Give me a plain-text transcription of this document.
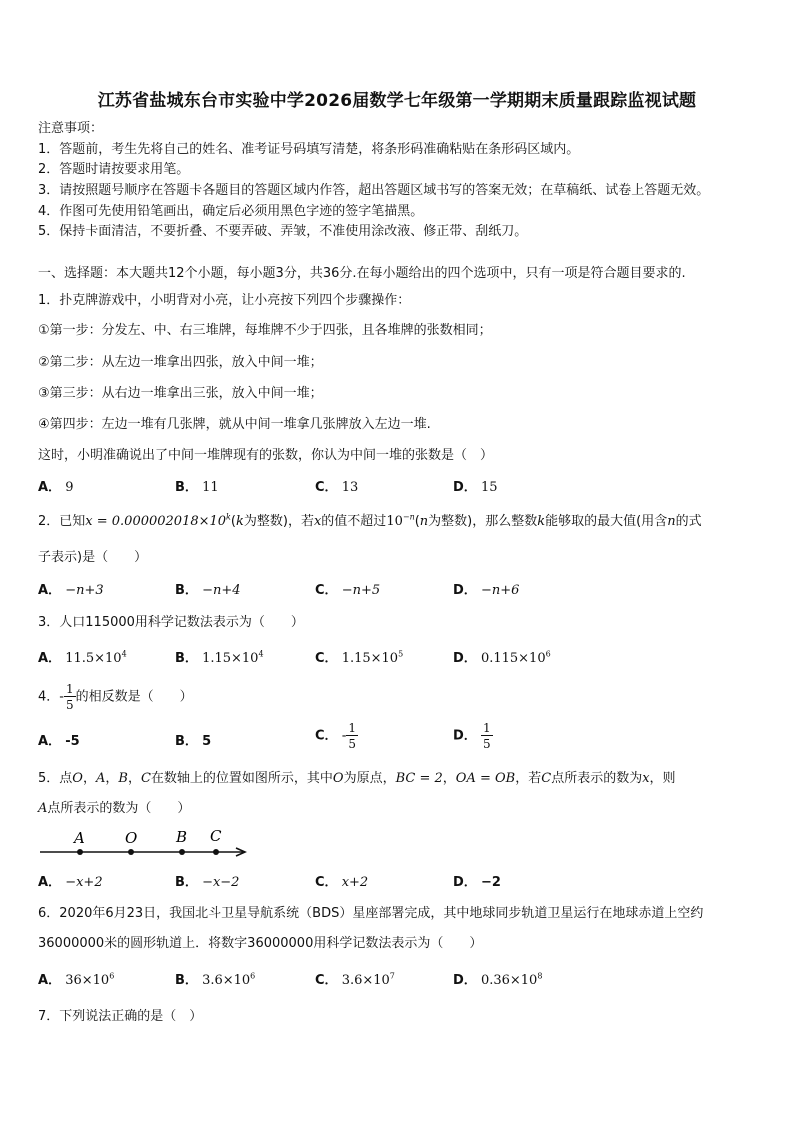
江苏省盐城东台市实验中学2026届数学七年级第一学期期末质量跟踪监视试题
注意事项：
1．答题前，考生先将自己的姓名、准考证号码填写清楚，将条形码准确粘贴在条形码区域内。
2．答题时请按要求用笔。
3．请按照题号顺序在答题卡各题目的答题区域内作答，超出答题区域书写的答案无效；在草稿纸、试卷上答题无效。
4．作图可先使用铅笔画出，确定后必须用黑色字迹的签字笔描黑。
5．保持卡面清洁，不要折叠、不要弄破、弄皱，不准使用涂改液、修正带、刮纸刀。
一、选择题：本大题共12个小题，每小题3分，共36分.在每小题给出的四个选项中，只有一项是符合题目要求的.
1．扑克牌游戏中，小明背对小亮，让小亮按下列四个步骤操作：
①第一步：分发左、中、右三堆牌，每堆牌不少于四张，且各堆牌的张数相同；
②第二步：从左边一堆拿出四张，放入中间一堆；
③第三步：从右边一堆拿出三张，放入中间一堆；
④第四步：左边一堆有几张牌，就从中间一堆拿几张牌放入左边一堆.
这时，小明准确说出了中间一堆牌现有的张数，你认为中间一堆的张数是（　）
A． 9	B． 11	C． 13	D． 15
2．已知$x = 0.000002018\times 10^k(k$为整数)，若x的值不超过$10^{-n}(n$为整数)，那么整数k能够取的最大值(用含n的式
子表示)是（　　）
A． −n+3	B． −n+4	C． −n+5	D． −n+6
3．人口115000用科学记数法表示为（　　）
A． $11.5\times 10^4$	B． $1.15\times 10^4$	C． $1.15\times 10^5$	D． $0.115\times 10^6$
4．- $\frac{1}{5}$ 的相反数是（　　）
A． -5	B． 5	C． - $\frac{1}{5}$	D． $\frac{1}{5}$
5．点O，A，B，C在数轴上的位置如图所示，其中O为原点，BC = 2，OA = OB，若C点所表示的数为x，则
A点所表示的数为（　　）
A	O	B C
A． −x+2	B． −x−2	C． x+2	D． −2
6．2020年6月23日，我国北斗卫星导航系统（BDS）星座部署完成，其中地球同步轨道卫星运行在地球赤道上空约
36000000米的圆形轨道上．将数字36000000用科学记数法表示为（　　）
A． $36\times 10^6$	B． $3.6\times 10^6$	C． $3.6\times 10^7$	D． $0.36\times 10^8$
7．下列说法正确的是（　）
